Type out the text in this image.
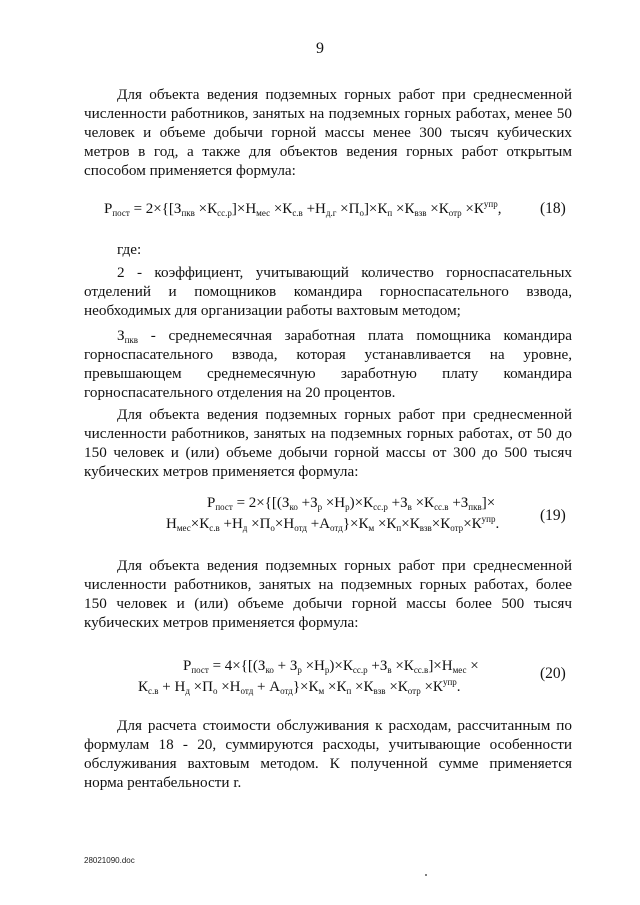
9

Для объекта ведения подземных горных работ при среднесменной численности работников, занятых на подземных горных работах, менее 50 человек и объеме добычи горной массы менее 300 тысяч кубических метров в год, а также для объектов ведения горных работ открытым способом применяется формула:

$Р_{пост} = 2\times\{[З_{пкв} \times К_{сс.р}]\times Н_{мес} \times К_{с.в} +Н_{д.г} \times П_о]\times К_п \times К_{взв} \times К_{отр} \times К^{упр}$, (18)

где:

2 - коэффициент, учитывающий количество горноспасательных отделений и помощников командира горноспасательного взвода, необходимых для организации работы вахтовым методом;

$З_{пкв}$ - среднемесячная заработная плата помощника командира горноспасательного взвода, которая устанавливается на уровне, превышающем среднемесячную заработную плату командира горноспасательного отделения на 20 процентов.

Для объекта ведения подземных горных работ при среднесменной численности работников, занятых на подземных горных работах, от 50 до 150 человек и (или) объеме добычи горной массы от 300 до 500 тысяч кубических метров применяется формула:

$Р_{пост} = 2\times\{[(З_{ко} +З_р \times Н_р)\times К_{сс.р} +З_в \times К_{сс.в} +З_{пкв}]\times$
$Н_{мес}\times К_{с.в} +Н_д \times П_о\times Н_{отд} +А_{отд}\}\times К_м \times К_п\times К_{взв}\times К_{отр}\times К^{упр}$.	(19)

Для объекта ведения подземных горных работ при среднесменной численности работников, занятых на подземных горных работах, более 150 человек и (или) объеме добычи горной массы более 500 тысяч кубических метров применяется формула:

$Р_{пост} = 4\times\{[(З_{ко} + З_р \times Н_р)\times К_{сс.р} +З_в \times К_{сс.в}]\times Н_{мес}$ ×
$К_{с.в} + Н_д \times П_о \times Н_{отд} + А_{отд}\}\times К_м \times К_п \times К_{взв} \times К_{отр} \times К^{упр}$.
(20)

Для расчета стоимости обслуживания к расходам, рассчитанным по формулам 18 - 20, суммируются расходы, учитывающие особенности обслуживания вахтовым методом. К полученной сумме применяется норма рентабельности r.

28021090.doc
